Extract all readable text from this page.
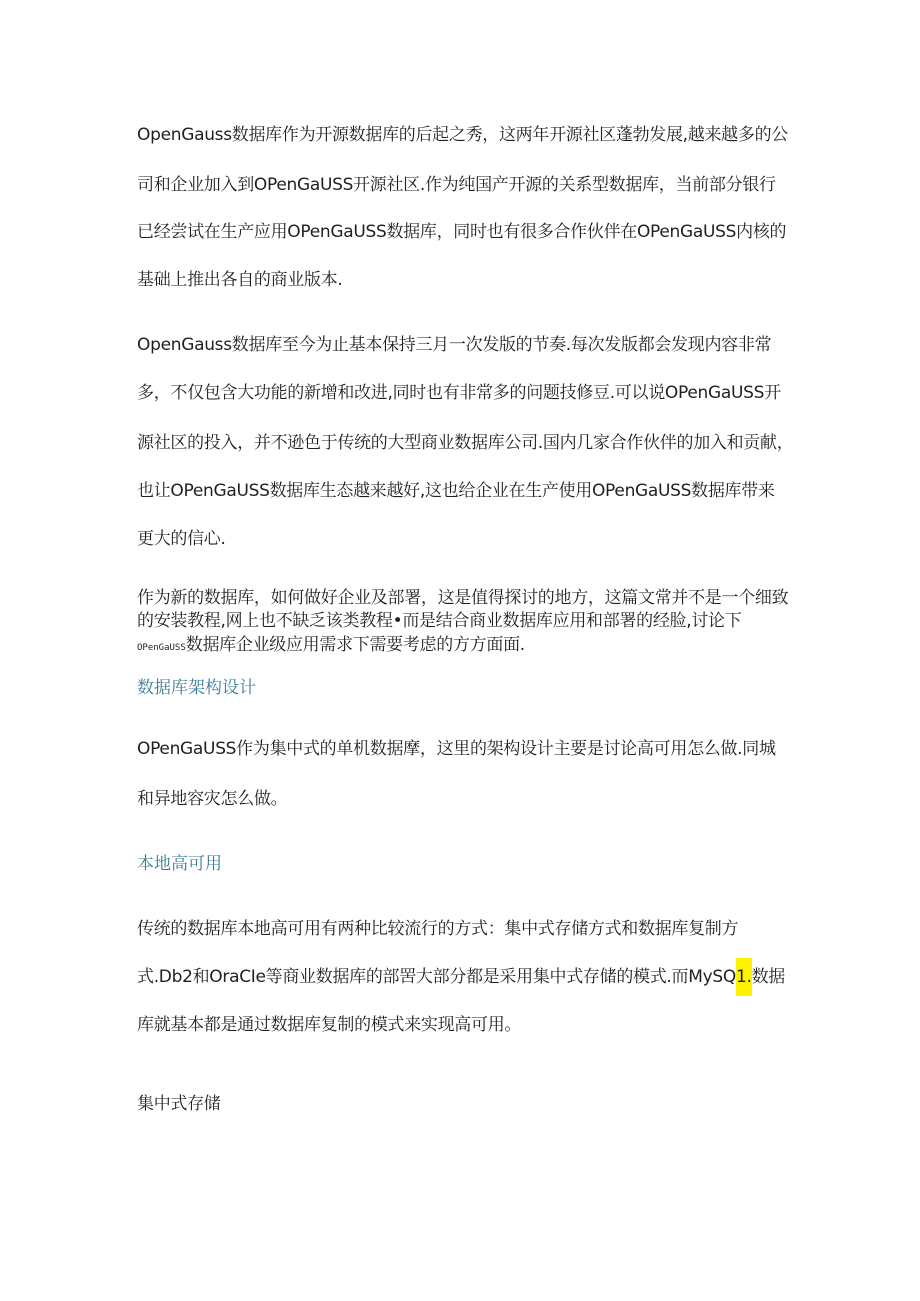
OpenGauss数据库作为开源数据库的后起之秀，这两年开源社区蓬勃发展,越来越多的公
司和企业加入到OPenGaUSS开源社区.作为纯国产开源的关系型数据库，当前部分银行
已经尝试在生产应用OPenGaUSS数据库，同时也有很多合作伙伴在OPenGaUSS内核的
基础上推出各自的商业版本.
OpenGauss数据库至今为止基本保持三月一次发版的节奏.每次发版都会发现内容非常
多，不仅包含大功能的新增和改进,同时也有非常多的问题技修豆.可以说OPenGaUSS开
源社区的投入，并不逊色于传统的大型商业数据库公司.国内几家合作伙伴的加入和贡献，
也让OPenGaUSS数据库生态越来越好,这也给企业在生产使用OPenGaUSS数据库带来
更大的信心.
作为新的数据库，如何做好企业及部署，这是值得探讨的地方，这篇文常并不是一个细致
的安装教程,网上也不缺乏该类教程•而是结合商业数据库应用和部署的经脸,讨论下
OPenGaUSS数据库企业级应用需求下需要考虑的方方面面.
数据库架构设计
OPenGaUSS作为集中式的单机数据摩，这里的架构设计主要是讨论高可用怎么做.同城
和异地容灾怎么做。
本地高可用
传统的数据库本地高可用有两种比较流行的方式：集中式存储方式和数据库复制方
式.Db2和OraCIe等商业数据库的部罟大部分都是采用集中式存储的模式.而MySQ1.数据
库就基本都是通过数据库复制的模式来实现高可用。
集中式存储
